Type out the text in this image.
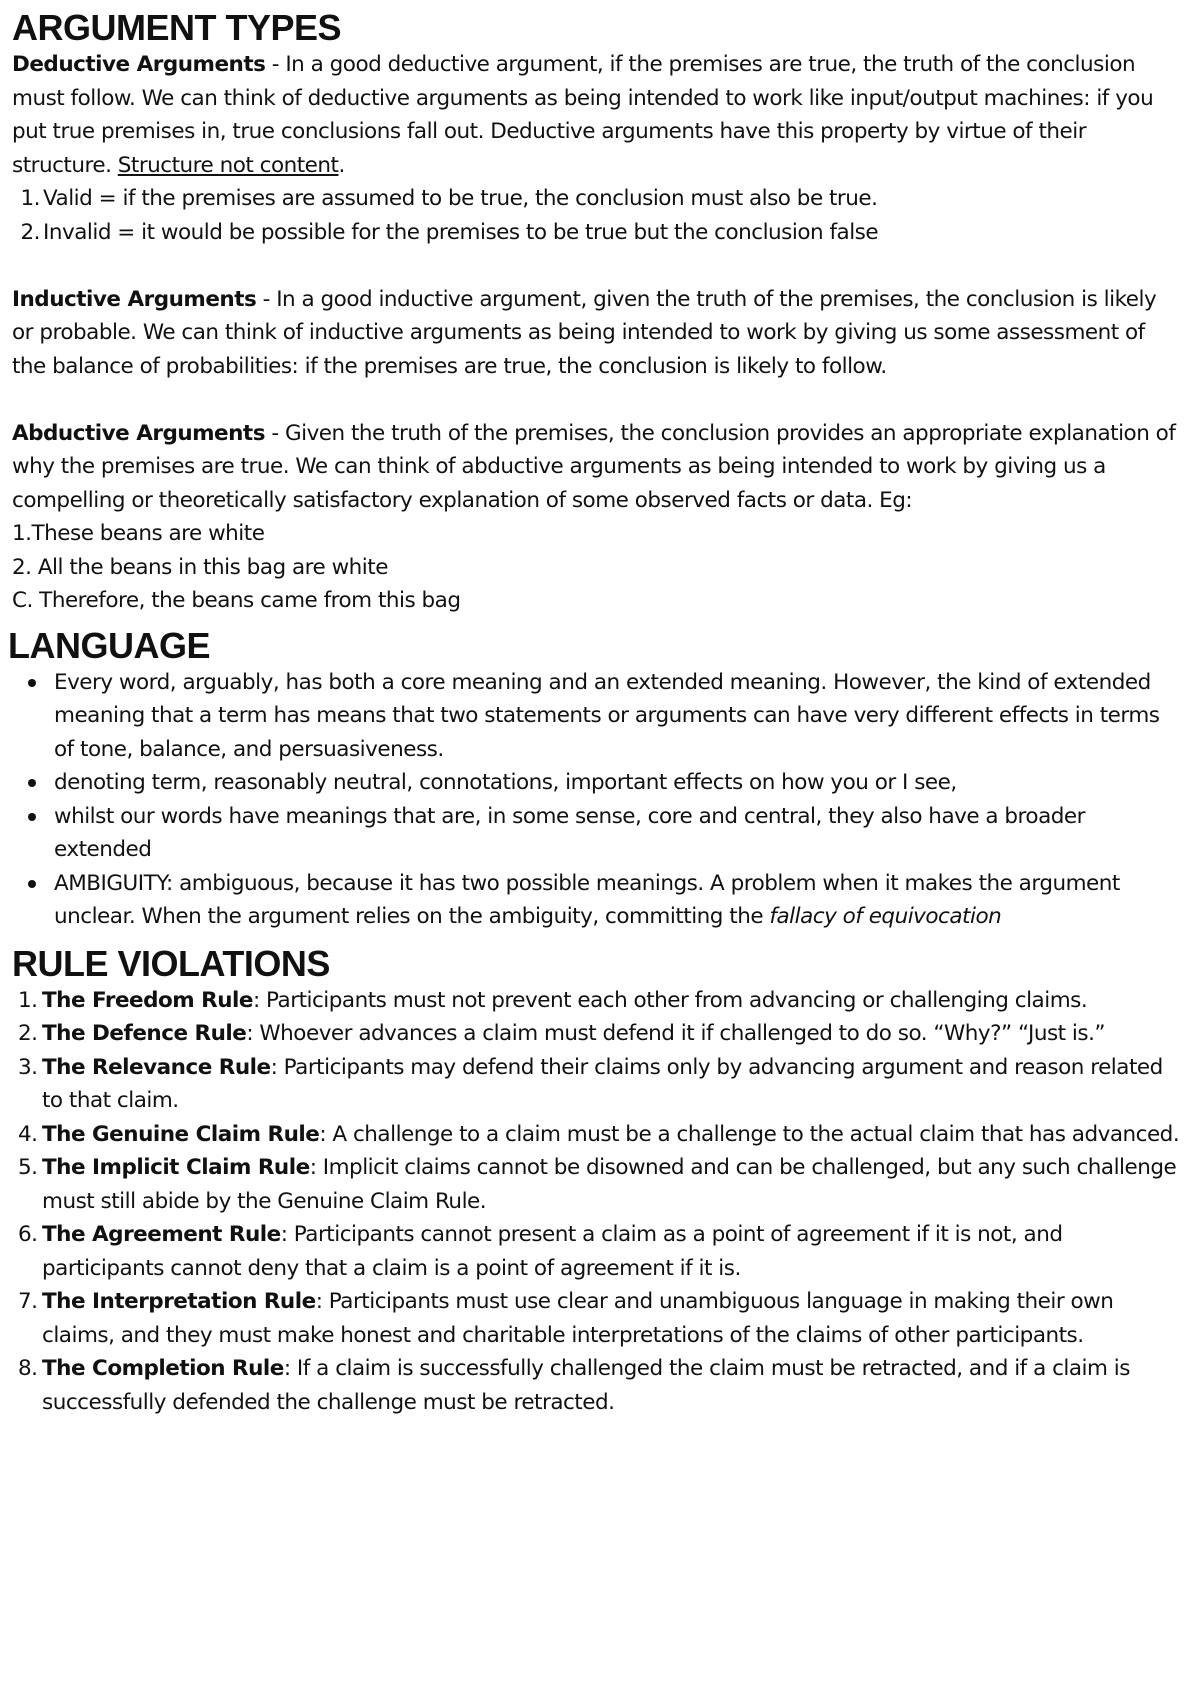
ARGUMENT TYPES

Deductive Arguments - In a good deductive argument, if the premises are true, the truth of the conclusion must follow. We can think of deductive arguments as being intended to work like input/output machines: if you put true premises in, true conclusions fall out. Deductive arguments have this property by virtue of their structure. Structure not content.

1. Valid = if the premises are assumed to be true, the conclusion must also be true.
2. Invalid = it would be possible for the premises to be true but the conclusion false

Inductive Arguments - In a good inductive argument, given the truth of the premises, the conclusion is likely or probable. We can think of inductive arguments as being intended to work by giving us some assessment of the balance of probabilities: if the premises are true, the conclusion is likely to follow.

Abductive Arguments - Given the truth of the premises, the conclusion provides an appropriate explanation of why the premises are true. We can think of abductive arguments as being intended to work by giving us a compelling or theoretically satisfactory explanation of some observed facts or data. Eg:

1.These beans are white

2. All the beans in this bag are white

C. Therefore, the beans came from this bag

LANGUAGE
Every word, arguably, has both a core meaning and an extended meaning. However, the kind of extended meaning that a term has means that two statements or arguments can have very different effects in terms of tone, balance, and persuasiveness.
denoting term, reasonably neutral, connotations, important effects on how you or I see,
whilst our words have meanings that are, in some sense, core and central, they also have a broader extended
AMBIGUITY: ambiguous, because it has two possible meanings. A problem when it makes the argument unclear. When the argument relies on the ambiguity, committing the fallacy of equivocation
RULE VIOLATIONS
1. The Freedom Rule: Participants must not prevent each other from advancing or challenging claims.
2. The Defence Rule: Whoever advances a claim must defend it if challenged to do so. “Why?” “Just is.”
3. The Relevance Rule: Participants may defend their claims only by advancing argument and reason related to that claim.
4. The Genuine Claim Rule: A challenge to a claim must be a challenge to the actual claim that has advanced.
5. The Implicit Claim Rule: Implicit claims cannot be disowned and can be challenged, but any such challenge must still abide by the Genuine Claim Rule.
6. The Agreement Rule: Participants cannot present a claim as a point of agreement if it is not, and participants cannot deny that a claim is a point of agreement if it is.
7. The Interpretation Rule: Participants must use clear and unambiguous language in making their own claims, and they must make honest and charitable interpretations of the claims of other participants.
8. The Completion Rule: If a claim is successfully challenged the claim must be retracted, and if a claim is successfully defended the challenge must be retracted.
